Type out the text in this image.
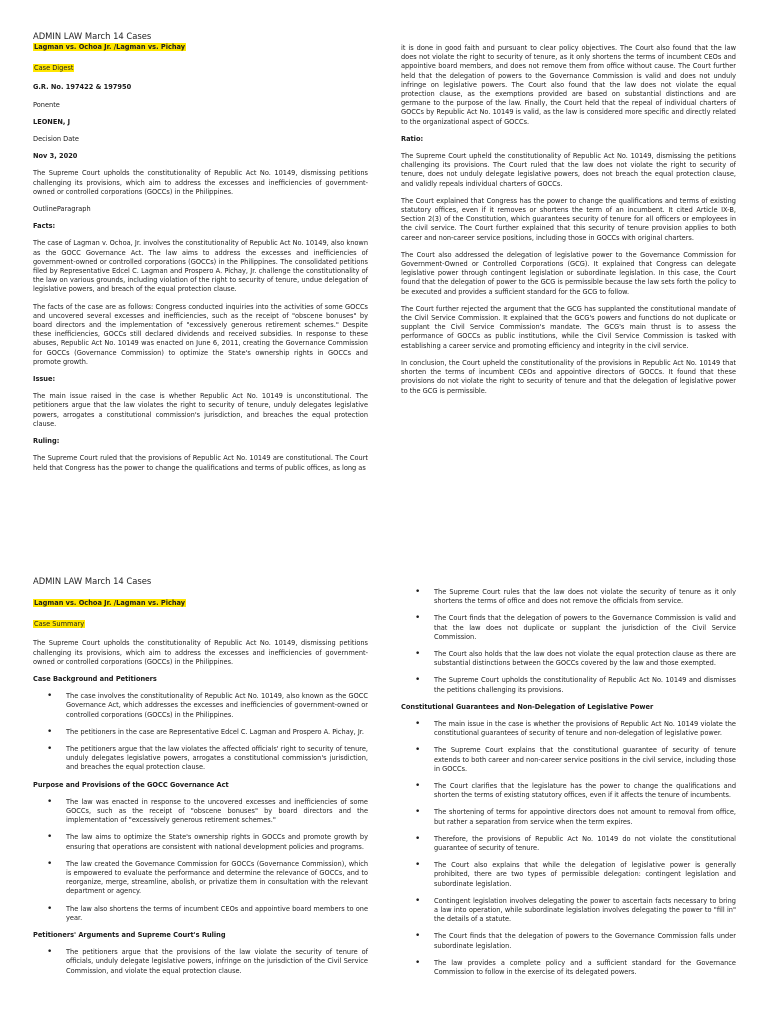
ADMIN LAW March 14 Cases
Lagman vs. Ochoa Jr. /Lagman vs. Pichay
Case Digest
G.R. No. 197422 & 197950
Ponente
LEONEN, J
Decision Date
Nov 3, 2020

The Supreme Court upholds the constitutionality of Republic Act No. 10149, dismissing petitions challenging its provisions, which aim to address the excesses and inefficiencies of government-owned or controlled corporations (GOCCs) in the Philippines.

OutlineParagraph
Facts:

The case of Lagman v. Ochoa, Jr. involves the constitutionality of Republic Act No. 10149, also known as the GOCC Governance Act. The law aims to address the excesses and inefficiencies of government-owned or controlled corporations (GOCCs) in the Philippines. The consolidated petitions filed by Representative Edcel C. Lagman and Prospero A. Pichay, Jr. challenge the constitutionality of the law on various grounds, including violation of the right to security of tenure, undue delegation of legislative powers, and breach of the equal protection clause.

The facts of the case are as follows: Congress conducted inquiries into the activities of some GOCCs and uncovered several excesses and inefficiencies, such as the receipt of "obscene bonuses" by board directors and the implementation of "excessively generous retirement schemes." Despite these inefficiencies, GOCCs still declared dividends and received subsidies. In response to these abuses, Republic Act No. 10149 was enacted on June 6, 2011, creating the Governance Commission for GOCCs (Governance Commission) to optimize the State's ownership rights in GOCCs and promote growth.

Issue:

The main issue raised in the case is whether Republic Act No. 10149 is unconstitutional. The petitioners argue that the law violates the right to security of tenure, unduly delegates legislative powers, arrogates a constitutional commission's jurisdiction, and breaches the equal protection clause.

Ruling:

The Supreme Court ruled that the provisions of Republic Act No. 10149 are constitutional. The Court held that Congress has the power to change the qualifications and terms of public offices, as long as

it is done in good faith and pursuant to clear policy objectives. The Court also found that the law does not violate the right to security of tenure, as it only shortens the terms of incumbent CEOs and appointive board members, and does not remove them from office without cause. The Court further held that the delegation of powers to the Governance Commission is valid and does not unduly infringe on legislative powers. The Court also found that the law does not violate the equal protection clause, as the exemptions provided are based on substantial distinctions and are germane to the purpose of the law. Finally, the Court held that the repeal of individual charters of GOCCs by Republic Act No. 10149 is valid, as the law is considered more specific and directly related to the organizational aspect of GOCCs.

Ratio:

The Supreme Court upheld the constitutionality of Republic Act No. 10149, dismissing the petitions challenging its provisions. The Court ruled that the law does not violate the right to security of tenure, does not unduly delegate legislative powers, does not breach the equal protection clause, and validly repeals individual charters of GOCCs.

The Court explained that Congress has the power to change the qualifications and terms of existing statutory offices, even if it removes or shortens the term of an incumbent. It cited Article IX-B, Section 2(3) of the Constitution, which guarantees security of tenure for all officers or employees in the civil service. The Court further explained that this security of tenure provision applies to both career and non-career service positions, including those in GOCCs with original charters.

The Court also addressed the delegation of legislative power to the Governance Commission for Government-Owned or Controlled Corporations (GCG). It explained that Congress can delegate legislative power through contingent legislation or subordinate legislation. In this case, the Court found that the delegation of power to the GCG is permissible because the law sets forth the policy to be executed and provides a sufficient standard for the GCG to follow.

The Court further rejected the argument that the GCG has supplanted the constitutional mandate of the Civil Service Commission. It explained that the GCG's powers and functions do not duplicate or supplant the Civil Service Commission's mandate. The GCG's main thrust is to assess the performance of GOCCs as public institutions, while the Civil Service Commission is tasked with establishing a career service and promoting efficiency and integrity in the civil service.

In conclusion, the Court upheld the constitutionality of the provisions in Republic Act No. 10149 that shorten the terms of incumbent CEOs and appointive directors of GOCCs. It found that these provisions do not violate the right to security of tenure and that the delegation of legislative power to the GCG is permissible.

ADMIN LAW March 14 Cases
Lagman vs. Ochoa Jr. /Lagman vs. Pichay
Case Summary

The Supreme Court upholds the constitutionality of Republic Act No. 10149, dismissing petitions challenging its provisions, which aim to address the excesses and inefficiencies of government-owned or controlled corporations (GOCCs) in the Philippines.

Case Background and Petitioners
• The case involves the constitutionality of Republic Act No. 10149, also known as the GOCC Governance Act, which addresses the excesses and inefficiencies of government-owned or controlled corporations (GOCCs) in the Philippines.
• The petitioners in the case are Representative Edcel C. Lagman and Prospero A. Pichay, Jr.
• The petitioners argue that the law violates the affected officials' right to security of tenure, unduly delegates legislative powers, arrogates a constitutional commission's jurisdiction, and breaches the equal protection clause.
Purpose and Provisions of the GOCC Governance Act
• The law was enacted in response to the uncovered excesses and inefficiencies of some GOCCs, such as the receipt of "obscene bonuses" by board directors and the implementation of "excessively generous retirement schemes."
• The law aims to optimize the State's ownership rights in GOCCs and promote growth by ensuring that operations are consistent with national development policies and programs.
• The law created the Governance Commission for GOCCs (Governance Commission), which is empowered to evaluate the performance and determine the relevance of GOCCs, and to reorganize, merge, streamline, abolish, or privatize them in consultation with the relevant department or agency.
• The law also shortens the terms of incumbent CEOs and appointive board members to one year.
Petitioners' Arguments and Supreme Court's Ruling
• The petitioners argue that the provisions of the law violate the security of tenure of officials, unduly delegate legislative powers, infringe on the jurisdiction of the Civil Service Commission, and violate the equal protection clause.
• The Supreme Court rules that the law does not violate the security of tenure as it only shortens the terms of office and does not remove the officials from service.
• The Court finds that the delegation of powers to the Governance Commission is valid and that the law does not duplicate or supplant the jurisdiction of the Civil Service Commission.
• The Court also holds that the law does not violate the equal protection clause as there are substantial distinctions between the GOCCs covered by the law and those exempted.
• The Supreme Court upholds the constitutionality of Republic Act No. 10149 and dismisses the petitions challenging its provisions.
Constitutional Guarantees and Non-Delegation of Legislative Power
• The main issue in the case is whether the provisions of Republic Act No. 10149 violate the constitutional guarantees of security of tenure and non-delegation of legislative power.
• The Supreme Court explains that the constitutional guarantee of security of tenure extends to both career and non-career service positions in the civil service, including those in GOCCs.
• The Court clarifies that the legislature has the power to change the qualifications and shorten the terms of existing statutory offices, even if it affects the tenure of incumbents.
• The shortening of terms for appointive directors does not amount to removal from office, but rather a separation from service when the term expires.
• Therefore, the provisions of Republic Act No. 10149 do not violate the constitutional guarantee of security of tenure.
• The Court also explains that while the delegation of legislative power is generally prohibited, there are two types of permissible delegation: contingent legislation and subordinate legislation.
• Contingent legislation involves delegating the power to ascertain facts necessary to bring a law into operation, while subordinate legislation involves delegating the power to "fill in" the details of a statute.
• The Court finds that the delegation of powers to the Governance Commission falls under subordinate legislation.
• The law provides a complete policy and a sufficient standard for the Governance Commission to follow in the exercise of its delegated powers.
